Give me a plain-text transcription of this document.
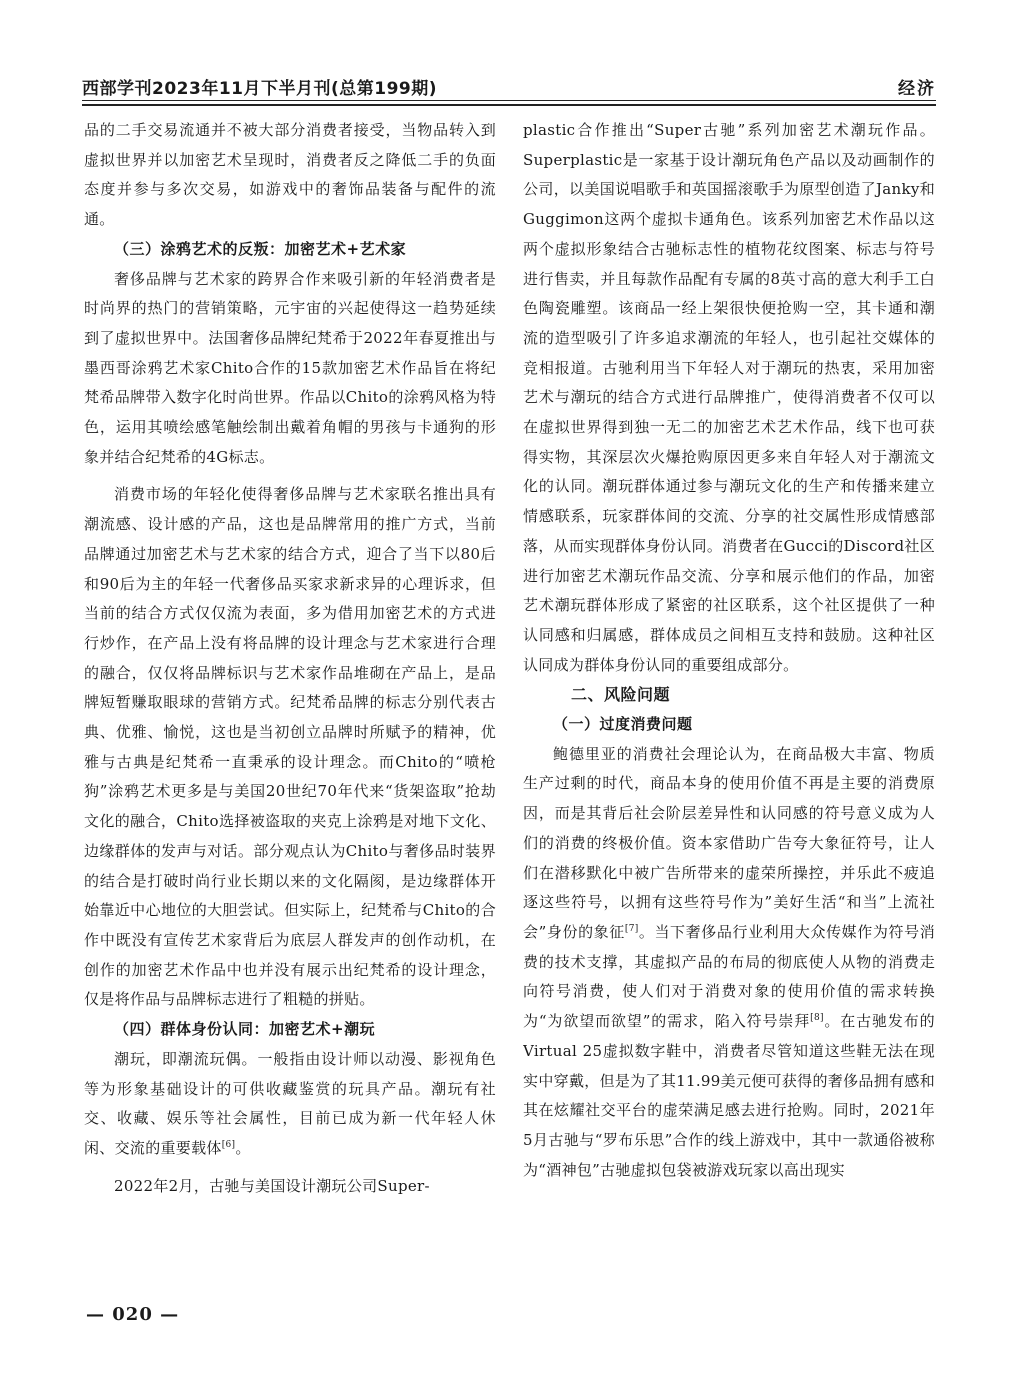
西部学刊2023年11月下半月刊(总第199期)	经济

品的二手交易流通并不被大部分消费者接受，当物品转入到虚拟世界并以加密艺术呈现时，消费者反之降低二手的负面态度并参与多次交易，如游戏中的奢饰品装备与配件的流通。

（三）涂鸦艺术的反叛：加密艺术+艺术家

奢侈品牌与艺术家的跨界合作来吸引新的年轻消费者是时尚界的热门的营销策略，元宇宙的兴起使得这一趋势延续到了虚拟世界中。法国奢侈品牌纪梵希于2022年春夏推出与墨西哥涂鸦艺术家Chito合作的15款加密艺术作品旨在将纪梵希品牌带入数字化时尚世界。作品以Chito的涂鸦风格为特色，运用其喷绘感笔触绘制出戴着角帽的男孩与卡通狗的形象并结合纪梵希的4G标志。

消费市场的年轻化使得奢侈品牌与艺术家联名推出具有潮流感、设计感的产品，这也是品牌常用的推广方式，当前品牌通过加密艺术与艺术家的结合方式，迎合了当下以80后和90后为主的年轻一代奢侈品买家求新求异的心理诉求，但当前的结合方式仅仅流为表面，多为借用加密艺术的方式进行炒作，在产品上没有将品牌的设计理念与艺术家进行合理的融合，仅仅将品牌标识与艺术家作品堆砌在产品上，是品牌短暂赚取眼球的营销方式。纪梵希品牌的标志分别代表古典、优雅、愉悦，这也是当初创立品牌时所赋予的精神，优雅与古典是纪梵希一直秉承的设计理念。而Chito的“喷枪狗”涂鸦艺术更多是与美国20世纪70年代来“货架盗取”抢劫文化的融合，Chito选择被盗取的夹克上涂鸦是对地下文化、边缘群体的发声与对话。部分观点认为Chito与奢侈品时装界的结合是打破时尚行业长期以来的文化隔阂，是边缘群体开始靠近中心地位的大胆尝试。但实际上，纪梵希与Chito的合作中既没有宣传艺术家背后为底层人群发声的创作动机，在创作的加密艺术作品中也并没有展示出纪梵希的设计理念，仅是将作品与品牌标志进行了粗糙的拼贴。

（四）群体身份认同：加密艺术+潮玩

潮玩，即潮流玩偶。一般指由设计师以动漫、影视角色等为形象基础设计的可供收藏鉴赏的玩具产品。潮玩有社交、收藏、娱乐等社会属性，目前已成为新一代年轻人休闲、交流的重要载体[6]。

2022年2月，古驰与美国设计潮玩公司Super-

plastic合作推出“Super古驰”系列加密艺术潮玩作品。Superplastic是一家基于设计潮玩角色产品以及动画制作的公司，以美国说唱歌手和英国摇滚歌手为原型创造了Janky和Guggimon这两个虚拟卡通角色。该系列加密艺术作品以这两个虚拟形象结合古驰标志性的植物花纹图案、标志与符号进行售卖，并且每款作品配有专属的8英寸高的意大利手工白色陶瓷雕塑。该商品一经上架很快便抢购一空，其卡通和潮流的造型吸引了许多追求潮流的年轻人，也引起社交媒体的竞相报道。古驰利用当下年轻人对于潮玩的热衷，采用加密艺术与潮玩的结合方式进行品牌推广，使得消费者不仅可以在虚拟世界得到独一无二的加密艺术艺术作品，线下也可获得实物，其深层次火爆抢购原因更多来自年轻人对于潮流文化的认同。潮玩群体通过参与潮玩文化的生产和传播来建立情感联系，玩家群体间的交流、分享的社交属性形成情感部落，从而实现群体身份认同。消费者在Gucci的Discord社区进行加密艺术潮玩作品交流、分享和展示他们的作品，加密艺术潮玩群体形成了紧密的社区联系，这个社区提供了一种认同感和归属感，群体成员之间相互支持和鼓励。这种社区认同成为群体身份认同的重要组成部分。

二、风险问题
（一）过度消费问题

鲍德里亚的消费社会理论认为，在商品极大丰富、物质生产过剩的时代，商品本身的使用价值不再是主要的消费原因，而是其背后社会阶层差异性和认同感的符号意义成为人们的消费的终极价值。资本家借助广告夸大象征符号，让人们在潜移默化中被广告所带来的虚荣所操控，并乐此不疲追逐这些符号，以拥有这些符号作为”美好生活“和当”上流社会”身份的象征[7]。当下奢侈品行业利用大众传媒作为符号消费的技术支撑，其虚拟产品的布局的彻底使人从物的消费走向符号消费，使人们对于消费对象的使用价值的需求转换为“为欲望而欲望”的需求，陷入符号崇拜[8]。在古驰发布的Virtual 25虚拟数字鞋中，消费者尽管知道这些鞋无法在现实中穿戴，但是为了其11.99美元便可获得的奢侈品拥有感和其在炫耀社交平台的虚荣满足感去进行抢购。同时，2021年5月古驰与“罗布乐思”合作的线上游戏中，其中一款通俗被称为“酒神包”古驰虚拟包袋被游戏玩家以高出现实

— 020 —
